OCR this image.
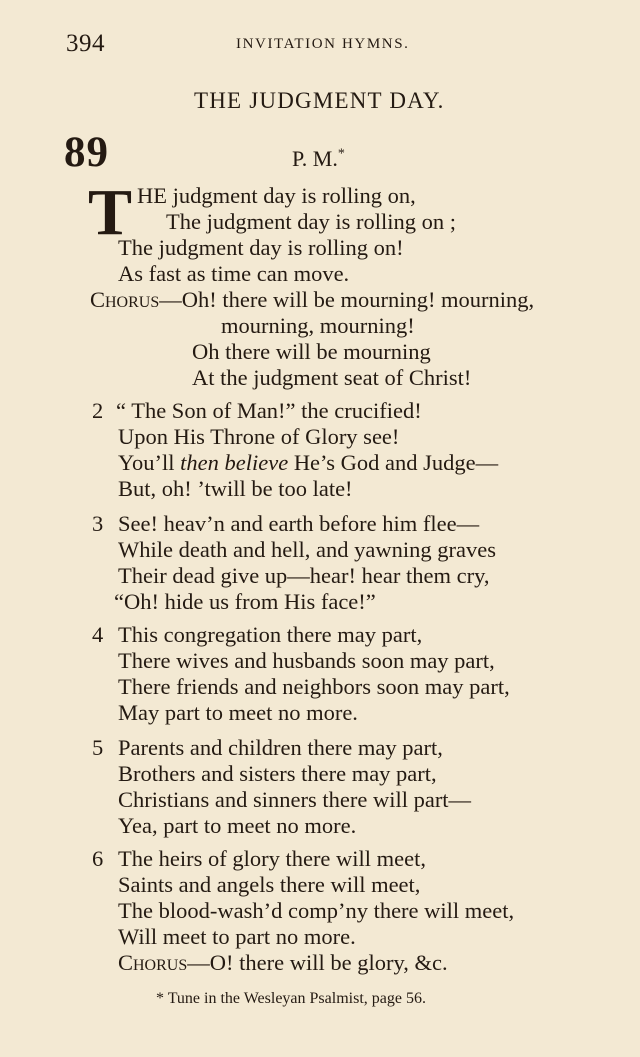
394	INVITATION HYMNS.
THE JUDGMENT DAY.
89	P. M.*
T HE judgment day is rolling on,
The judgment day is rolling on ;
The judgment day is rolling on!
As fast as time can move.
Chorus—Oh! there will be mourning! mourning,
mourning, mourning!
Oh there will be mourning
At the judgment seat of Christ!
2 “ The Son of Man!” the crucified!
Upon His Throne of Glory see!
You’ll then believe He’s God and Judge—
But, oh! ’twill be too late!
3 See! heav’n and earth before him flee—
While death and hell, and yawning graves
Their dead give up—hear! hear them cry,
“Oh! hide us from His face!”
4 This congregation there may part,
There wives and husbands soon may part,
There friends and neighbors soon may part,
May part to meet no more.
5 Parents and children there may part,
Brothers and sisters there may part,
Christians and sinners there will part—
Yea, part to meet no more.
6 The heirs of glory there will meet,
Saints and angels there will meet,
The blood-wash’d comp’ny there will meet,
Will meet to part no more.
Chorus—O! there will be glory, &c.
* Tune in the Wesleyan Psalmist, page 56.
